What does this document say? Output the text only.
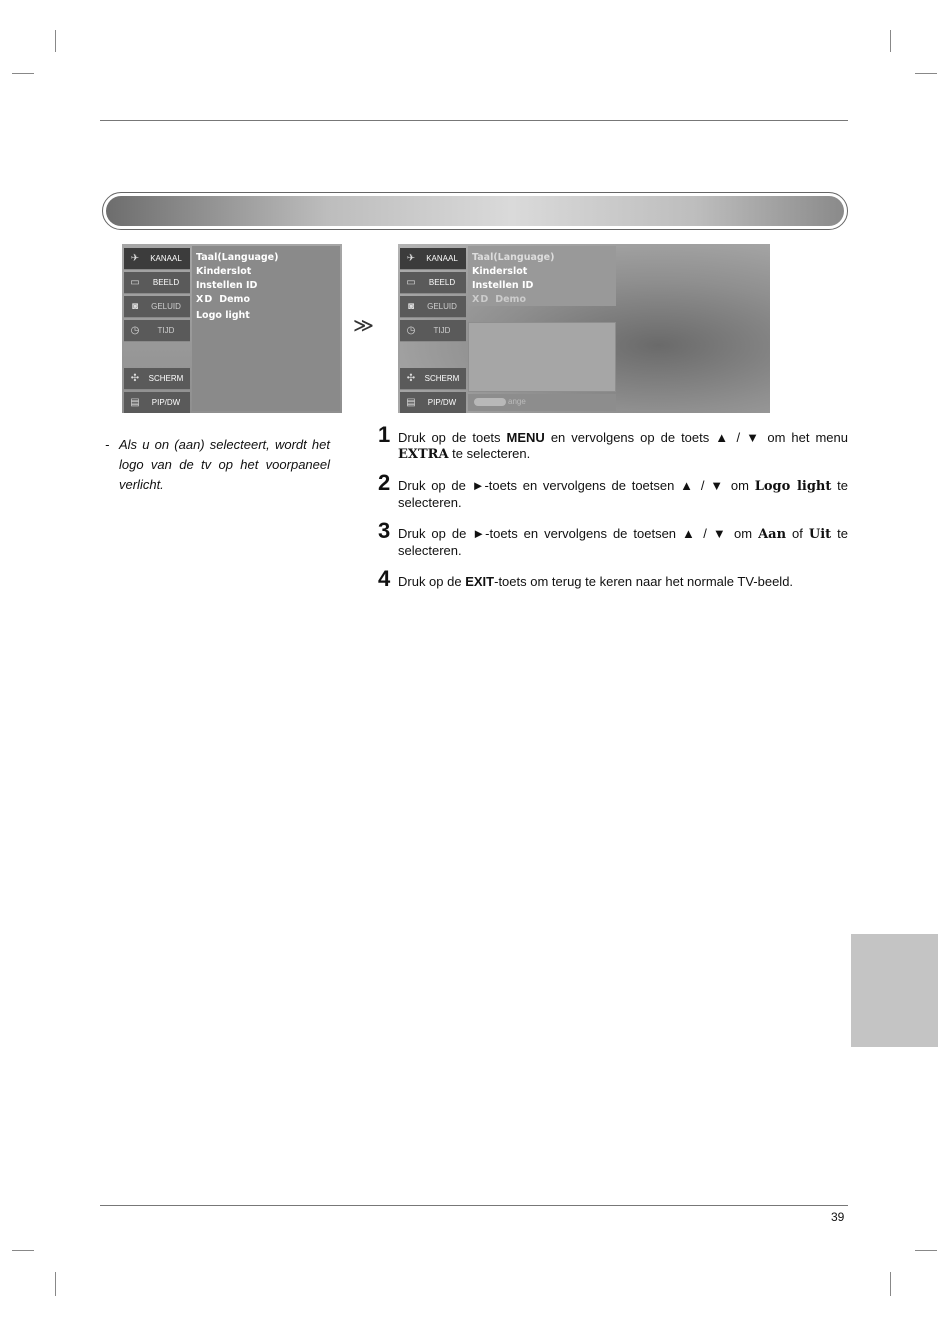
✈	KANAAL
▭	BEELD
◙	GELUID
◷	TIJD
✣	SCHERM
▤	PIP/DW
Taal(Language)
Kinderslot
Instellen ID
XD Demo
Logo light	≫
✈	KANAAL
▭	BEELD
◙	GELUID
◷	TIJD
✣	SCHERM
▤	PIP/DW
Taal(Language)
Kinderslot
Instellen ID
XD Demo
ange
- Als u on (aan) selecteert, wordt het logo van de tv op het voorpaneel verlicht.
1 Druk op de toets MENU en vervolgens op de toets ▲ / ▼ om het menu EXTRA te selecteren.
2 Druk op de ►-toets en vervolgens de toetsen ▲ / ▼ om Logo light te selecteren.
3 Druk op de ►-toets en vervolgens de toetsen ▲ / ▼ om Aan of Uit te selecteren.
4 Druk op de EXIT-toets om terug te keren naar het normale TV-beeld.
39
